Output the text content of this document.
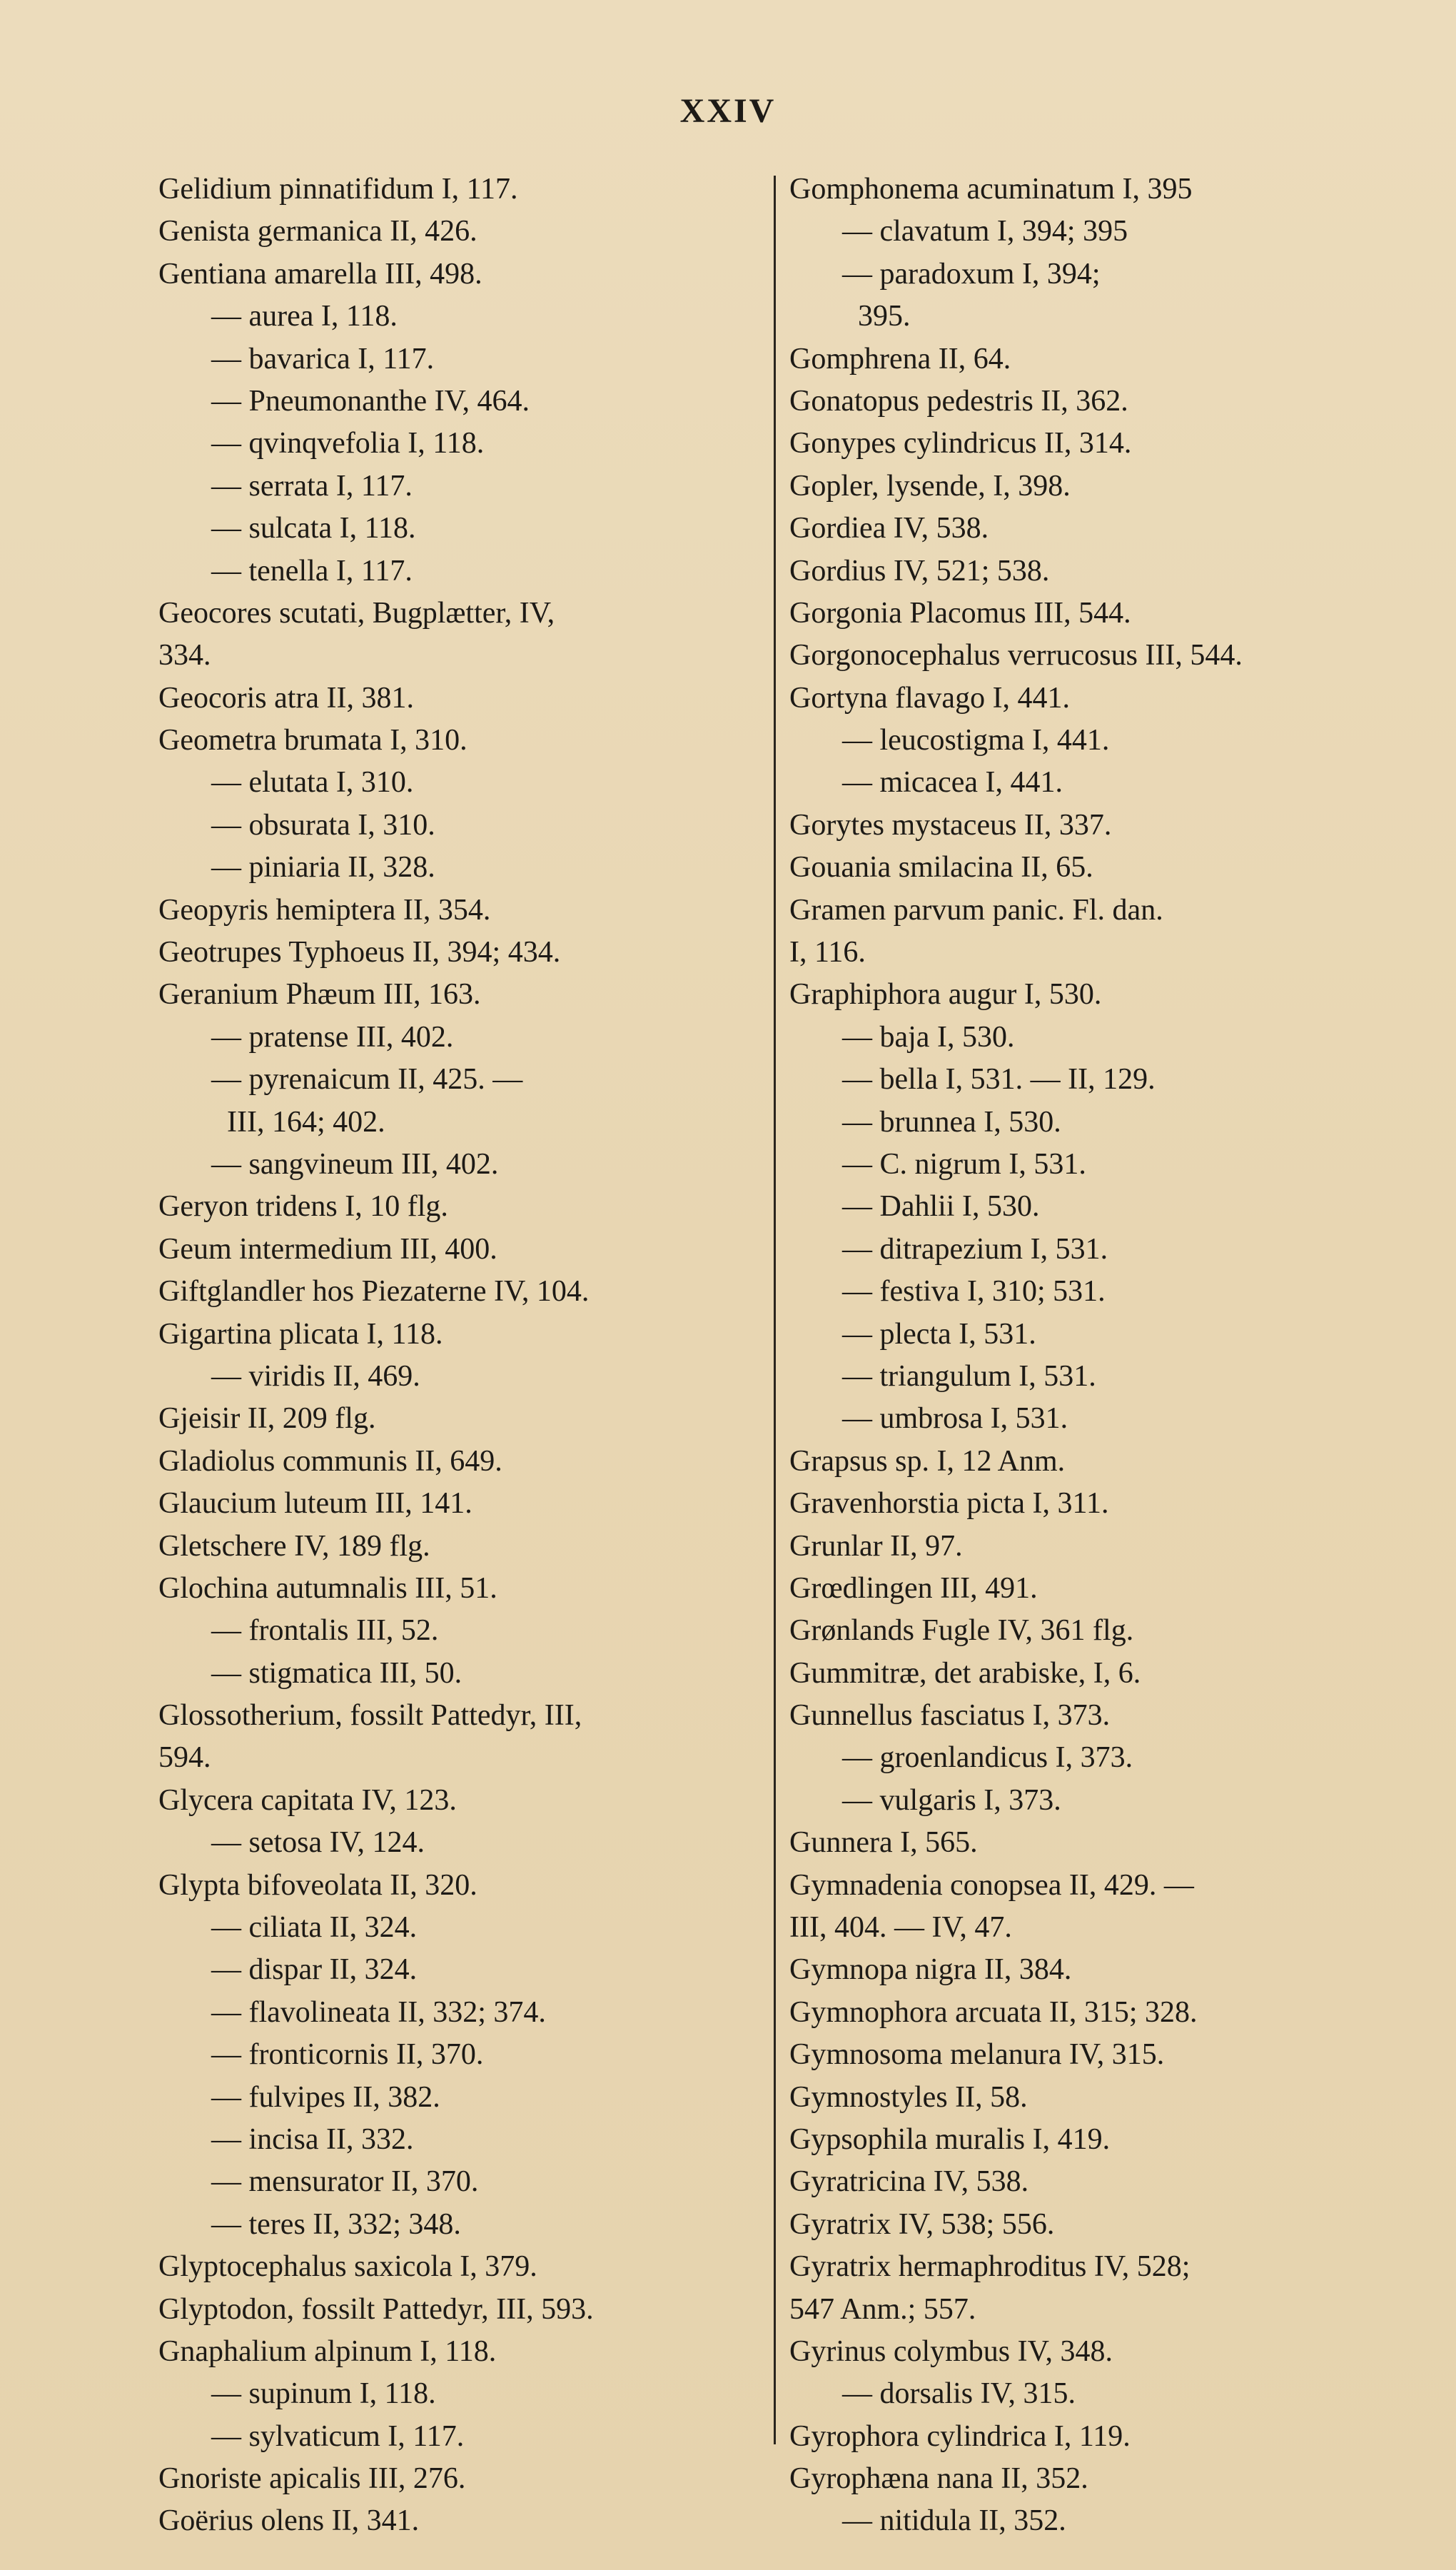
XXIV
Gelidium pinnatifidum I, 117.
Genista germanica II, 426.
Gentiana amarella III, 498.
— aurea I, 118.
— bavarica I, 117.
— Pneumonanthe IV, 464.
— qvinqvefolia I, 118.
— serrata I, 117.
— sulcata I, 118.
— tenella I, 117.
Geocores scutati, Bugplætter, IV,
334.
Geocoris atra II, 381.
Geometra brumata I, 310.
— elutata I, 310.
— obsurata I, 310.
— piniaria II, 328.
Geopyris hemiptera II, 354.
Geotrupes Typhoeus II, 394; 434.
Geranium Phæum III, 163.
— pratense III, 402.
— pyrenaicum II, 425. —
III, 164; 402.
— sangvineum III, 402.
Geryon tridens I, 10 flg.
Geum intermedium III, 400.
Giftglandler hos Piezaterne IV, 104.
Gigartina plicata I, 118.
— viridis II, 469.
Gjeisir II, 209 flg.
Gladiolus communis II, 649.
Glaucium luteum III, 141.
Gletschere IV, 189 flg.
Glochina autumnalis III, 51.
— frontalis III, 52.
— stigmatica III, 50.
Glossotherium, fossilt Pattedyr, III,
594.
Glycera capitata IV, 123.
— setosa IV, 124.
Glypta bifoveolata II, 320.
— ciliata II, 324.
— dispar II, 324.
— flavolineata II, 332; 374.
— fronticornis II, 370.
— fulvipes II, 382.
— incisa II, 332.
— mensurator II, 370.
— teres II, 332; 348.
Glyptocephalus saxicola I, 379.
Glyptodon, fossilt Pattedyr, III, 593.
Gnaphalium alpinum I, 118.
— supinum I, 118.
— sylvaticum I, 117.
Gnoriste apicalis III, 276.
Goërius olens II, 341.
Gomphonema acuminatum I, 395
— clavatum I, 394; 395
— paradoxum I, 394;
395.
Gomphrena II, 64.
Gonatopus pedestris II, 362.
Gonypes cylindricus II, 314.
Gopler, lysende, I, 398.
Gordiea IV, 538.
Gordius IV, 521; 538.
Gorgonia Placomus III, 544.
Gorgonocephalus verrucosus III, 544.
Gortyna flavago I, 441.
— leucostigma I, 441.
— micacea I, 441.
Gorytes mystaceus II, 337.
Gouania smilacina II, 65.
Gramen parvum panic. Fl. dan.
I, 116.
Graphiphora augur I, 530.
— baja I, 530.
— bella I, 531. — II, 129.
— brunnea I, 530.
— C. nigrum I, 531.
— Dahlii I, 530.
— ditrapezium I, 531.
— festiva I, 310; 531.
— plecta I, 531.
— triangulum I, 531.
— umbrosa I, 531.
Grapsus sp. I, 12 Anm.
Gravenhorstia picta I, 311.
Grunlar II, 97.
Grœdlingen III, 491.
Grønlands Fugle IV, 361 flg.
Gummitræ, det arabiske, I, 6.
Gunnellus fasciatus I, 373.
— groenlandicus I, 373.
— vulgaris I, 373.
Gunnera I, 565.
Gymnadenia conopsea II, 429. —
III, 404. — IV, 47.
Gymnopa nigra II, 384.
Gymnophora arcuata II, 315; 328.
Gymnosoma melanura IV, 315.
Gymnostyles II, 58.
Gypsophila muralis I, 419.
Gyratricina IV, 538.
Gyratrix IV, 538; 556.
Gyratrix hermaphroditus IV, 528;
547 Anm.; 557.
Gyrinus colymbus IV, 348.
— dorsalis IV, 315.
Gyrophora cylindrica I, 119.
Gyrophæna nana II, 352.
— nitidula II, 352.
